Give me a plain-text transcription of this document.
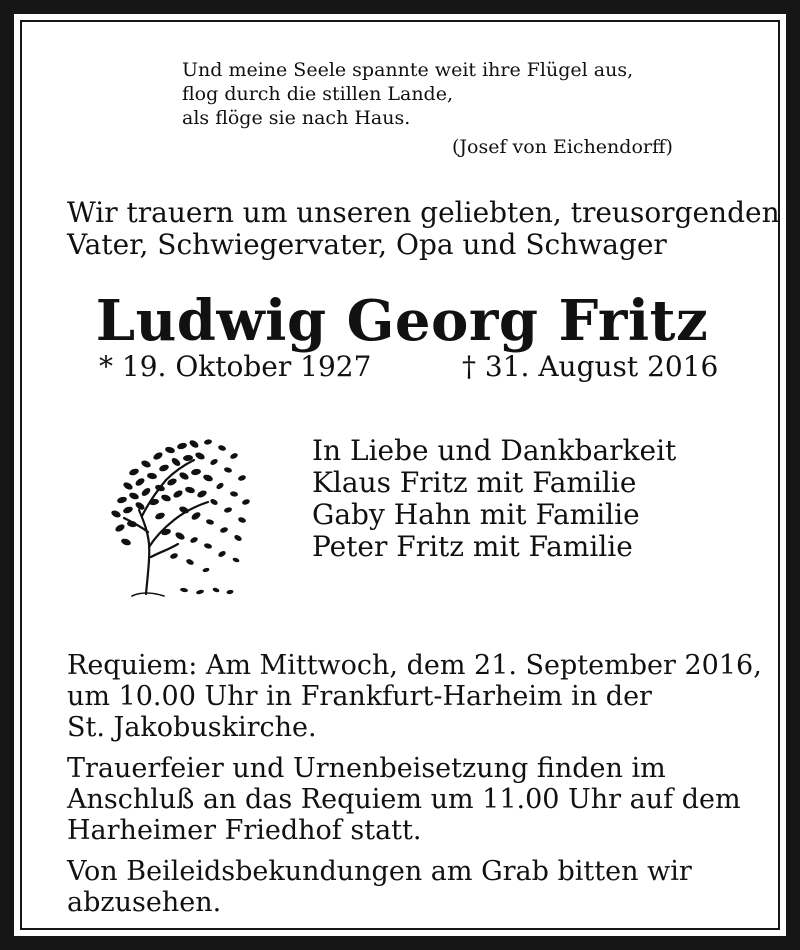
Und meine Seele spannte weit ihre Flügel aus,
flog durch die stillen Lande,
als flöge sie nach Haus.
(Josef von Eichendorff)
Wir trauern um unseren geliebten, treusorgenden
Vater, Schwiegervater, Opa und Schwager
Ludwig Georg Fritz
* 19. Oktober 1927	† 31. August 2016
In Liebe und Dankbarkeit
Klaus Fritz mit Familie
Gaby Hahn mit Familie
Peter Fritz mit Familie

Requiem: Am Mittwoch, dem 21. September 2016,
um 10.00 Uhr in Frankfurt-Harheim in der
St. Jakobuskirche.

Trauerfeier und Urnenbeisetzung finden im
Anschluß an das Requiem um 11.00 Uhr auf dem
Harheimer Friedhof statt.

Von Beileidsbekundungen am Grab bitten wir
abzusehen.
